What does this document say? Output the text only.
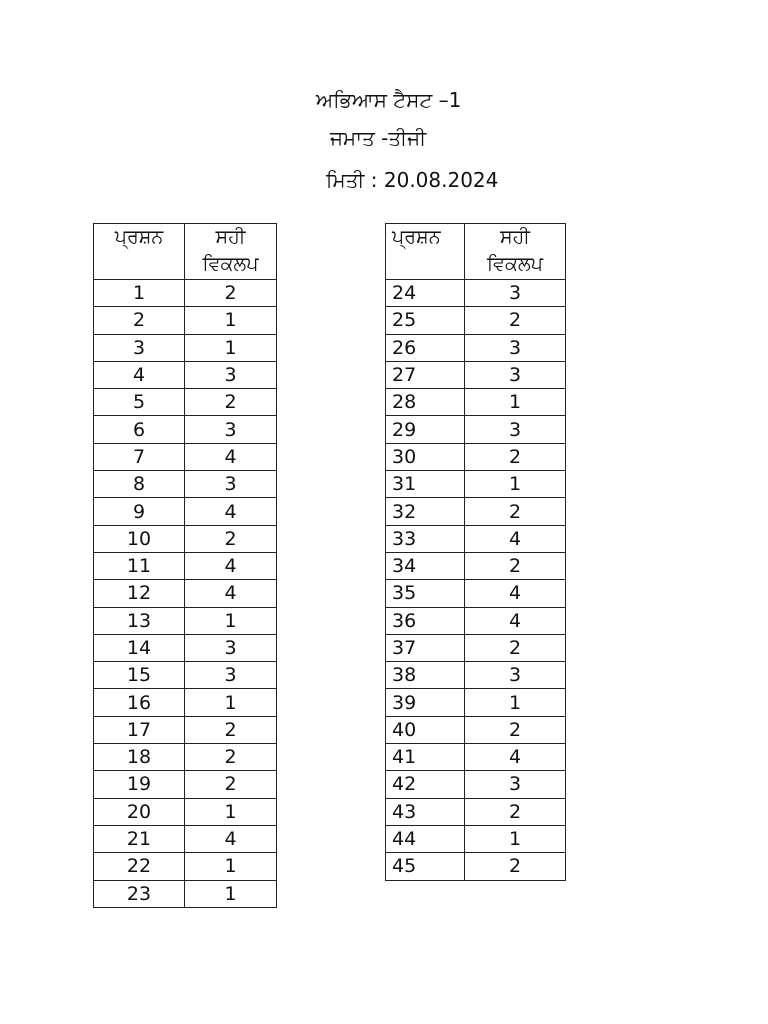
ਅਭਿਆਸ ਟੈਸਟ –1
ਜਮਾਤ -ਤੀਜੀ
ਮਿਤੀ : 20.08.2024
ਪ੍ਰਸ਼ਨ	ਸਹੀ
ਵਿਕਲਪ
1	2
2	1
3	1
4	3
5	2
6	3
7	4
8	3
9	4
10	2
11	4
12	4
13	1
14	3
15	3
16	1
17	2
18	2
19	2
20	1
21	4
22	1
23	1
ਪ੍ਰਸ਼ਨ	ਸਹੀ
ਵਿਕਲਪ
24	3
25	2
26	3
27	3
28	1
29	3
30	2
31	1
32	2
33	4
34	2
35	4
36	4
37	2
38	3
39	1
40	2
41	4
42	3
43	2
44	1
45	2
